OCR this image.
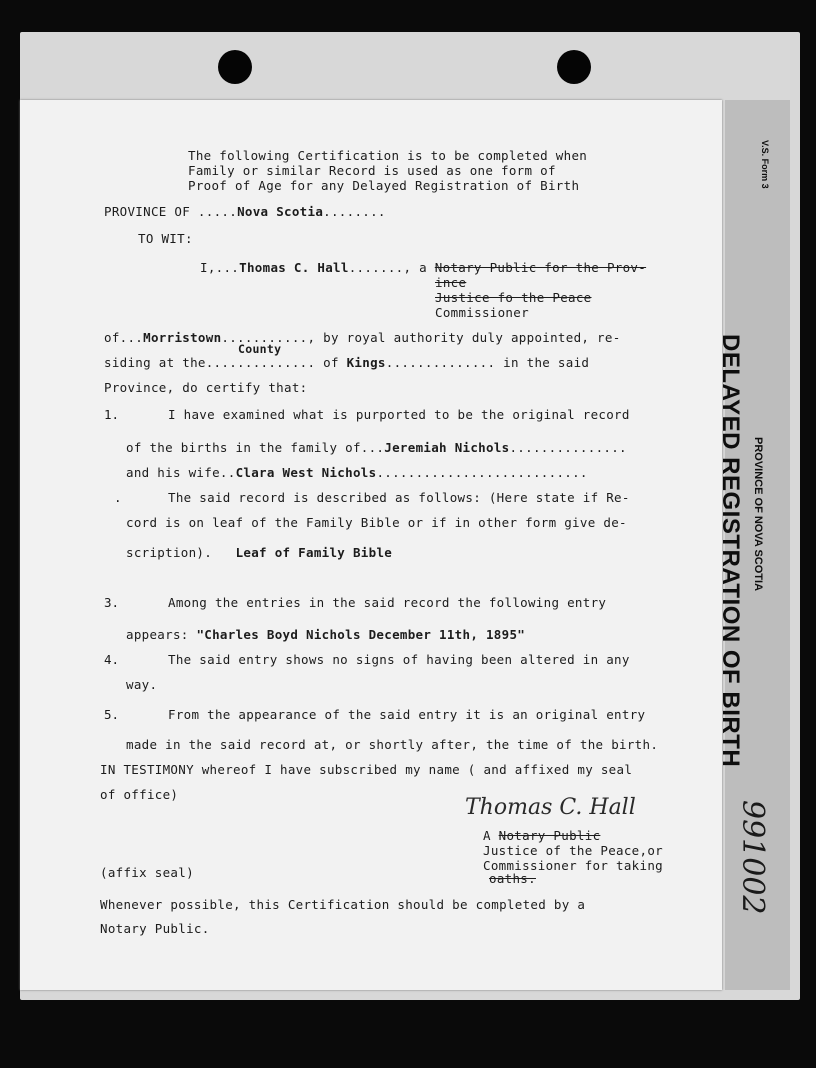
The following Certification is to be completed when
Family or similar Record is used as one form of
Proof of Age for any Delayed Registration of Birth
PROVINCE OF .....Nova Scotia........
TO WIT:
I,...Thomas C. Hall......., a Notary Public for the Prov-
ince
Justice fo the Peace
Commissioner
of...Morristown..........., by royal authority duly appointed, re-
County
siding at the.............. of Kings.............. in the said
Province, do certify that:
1.	I have examined what is purported to be the original record
of the births in the family of...Jeremiah Nichols...............
and his wife..Clara West Nichols...........................
.	The said record is described as follows: (Here state if Re-
cord is on leaf of the Family Bible or if in other form give de-
scription). Leaf of Family Bible
3.	Among the entries in the said record the following entry
appears: "Charles Boyd Nichols December 11th, 1895"
4.	The said entry shows no signs of having been altered in any
way.
5.	From the appearance of the said entry it is an original entry
made in the said record at, or shortly after, the time of the birth.
IN TESTIMONY whereof I have subscribed my name ( and affixed my seal
of office)
Thomas C. Hall
A Notary Public
Justice of the Peace,or
Commissioner for taking
oaths.
(affix seal)
Whenever possible, this Certification should be completed by a
Notary Public.
V.S. Form 3
PROVINCE OF NOVA SCOTIA
DELAYED REGISTRATION OF BIRTH
991002
